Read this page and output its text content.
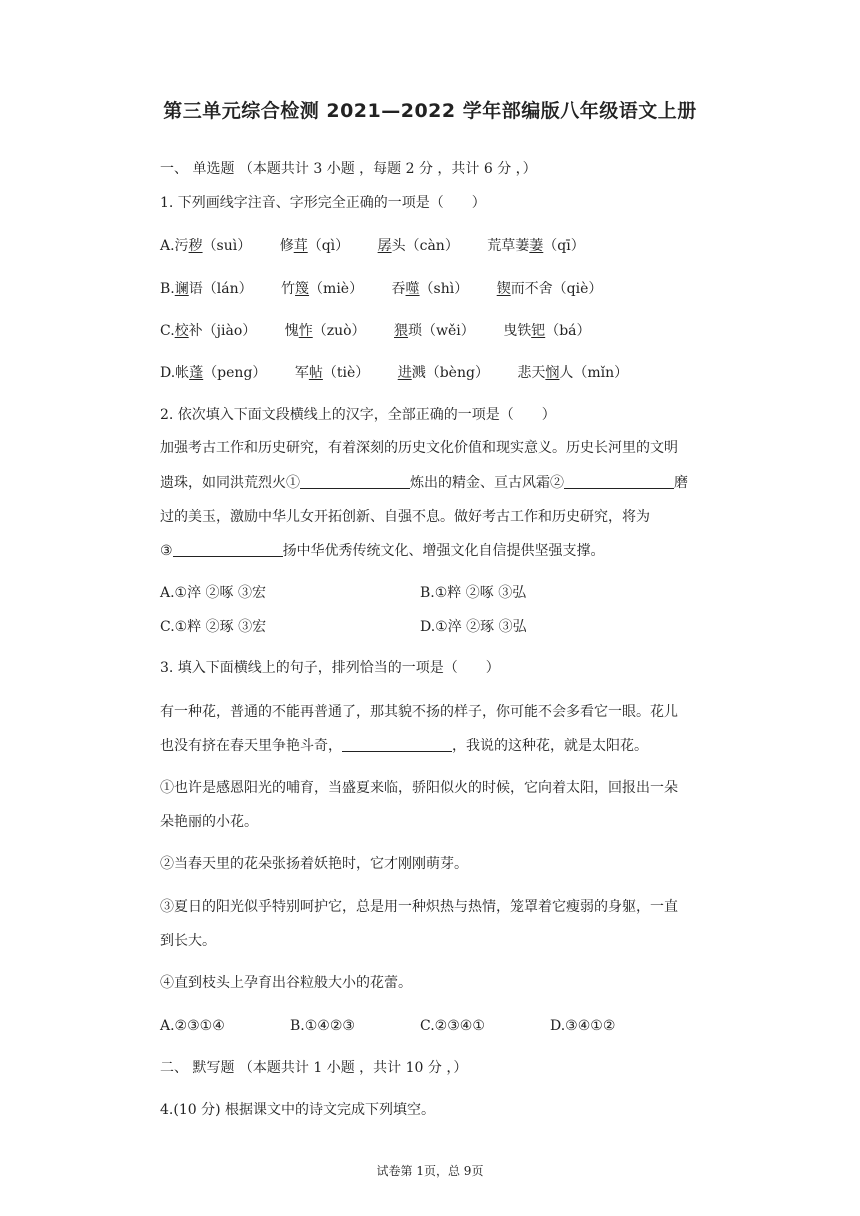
第三单元综合检测 2021—2022 学年部编版八年级语文上册
一、 单选题 （本题共计 3 小题 ，每题 2 分 ，共计 6 分 ，）
1. 下列画线字注音、字形完全正确的一项是（　　）
A.污秽（suì） 修茸（qì） 孱头（càn） 荒草萋萋（qī）
B.谰语（lán） 竹篾（miè） 吞噬（shì） 锲而不舍（qiè）
C.校补（jiào） 愧怍（zuò） 猥琐（wěi） 曳铁钯（bá）
D.帐蓬（peng） 军帖（tiè） 进溅（bèng） 悲天悯人（mǐn）
2. 依次填入下面文段横线上的汉字，全部正确的一项是（　　）
加强考古工作和历史研究，有着深刻的历史文化价值和现实意义。历史长河里的文明
遗珠，如同洪荒烈火①	炼出的精金、亘古风霜②	磨
过的美玉，激励中华儿女开拓创新、自强不息。做好考古工作和历史研究，将为
③	扬中华优秀传统文化、增强文化自信提供坚强支撑。
A.①淬 ②啄 ③宏	B.①粹 ②啄 ③弘
C.①粹 ②琢 ③宏	D.①淬 ②琢 ③弘
3. 填入下面横线上的句子，排列恰当的一项是（　　）
有一种花，普通的不能再普通了，那其貌不扬的样子，你可能不会多看它一眼。花儿
也没有挤在春天里争艳斗奇，	，我说的这种花，就是太阳花。
①也许是感恩阳光的哺育，当盛夏来临，骄阳似火的时候，它向着太阳，回报出一朵
朵艳丽的小花。
②当春天里的花朵张扬着妖艳时，它才刚刚萌芽。
③夏日的阳光似乎特别呵护它，总是用一种炽热与热情，笼罩着它瘦弱的身躯，一直
到长大。
④直到枝头上孕育出谷粒般大小的花蕾。
A.②③①④	B.①④②③	C.②③④①	D.③④①②
二、 默写题 （本题共计 1 小题 ，共计 10 分 ，）
4.(10 分) 根据课文中的诗文完成下列填空。
试卷第 1页，总 9页
